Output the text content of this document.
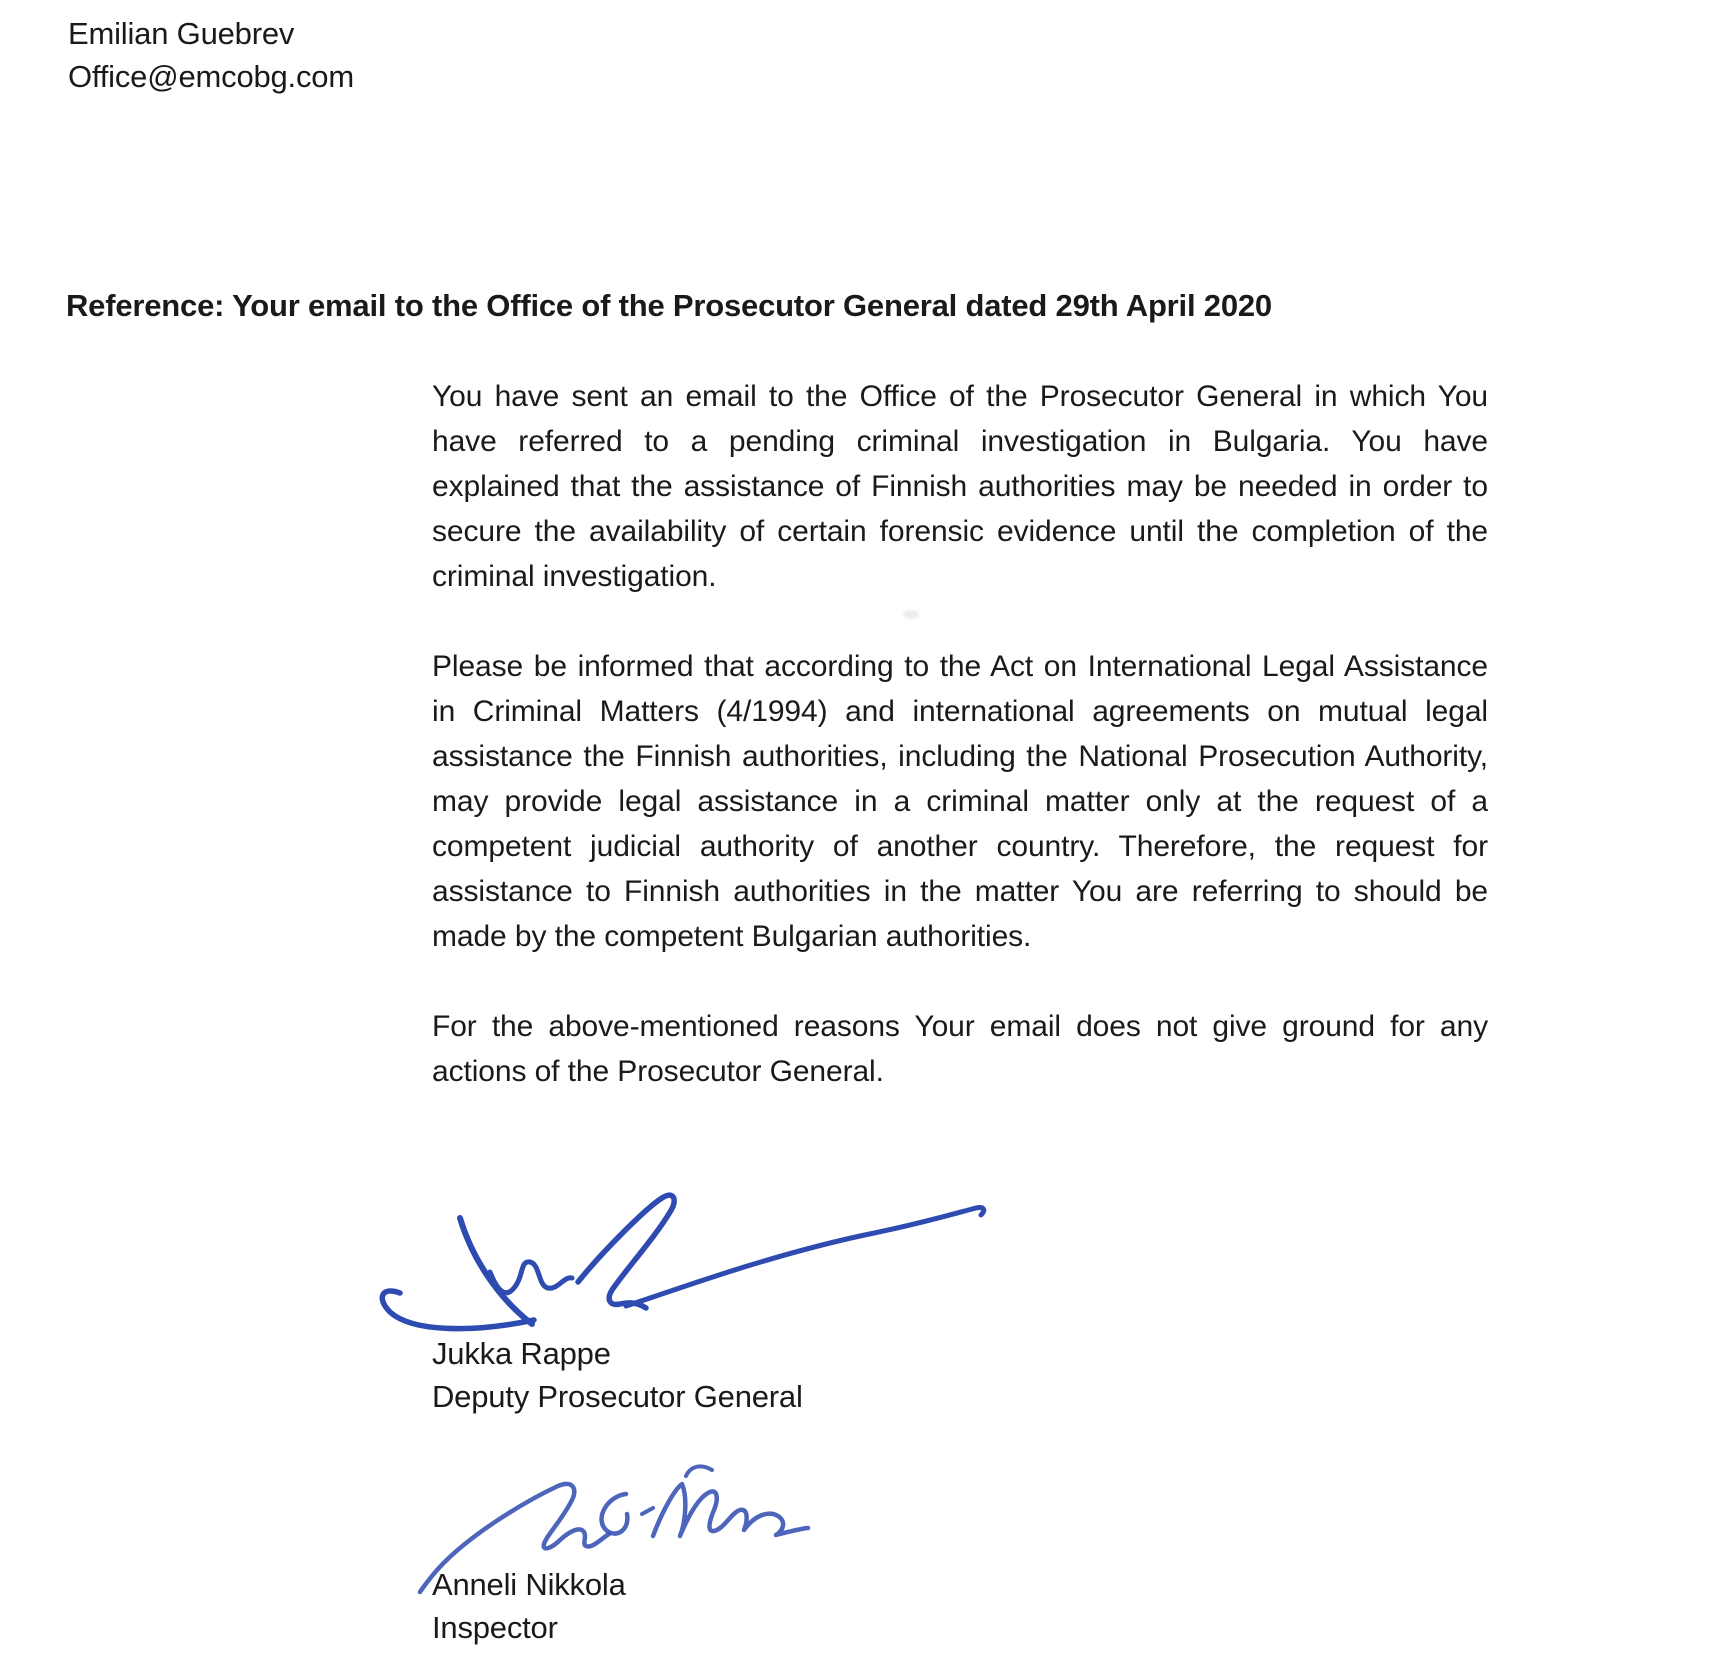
Emilian Guebrev
Office@emcobg.com
Reference: Your email to the Office of the Prosecutor General dated 29th April 2020

You have sent an email to the Office of the Prosecutor General in which You have referred to a pending criminal investigation in Bulgaria. You have explained that the assistance of Finnish authorities may be needed in order to secure the availability of certain forensic evidence until the completion of the criminal investigation.

Please be informed that according to the Act on International Legal Assistance in Criminal Matters (4/1994) and international agreements on mutual legal assistance the Finnish authorities, including the National Prosecution Authority, may provide legal assistance in a criminal matter only at the request of a competent judicial authority of another country. Therefore, the request for assistance to Finnish authorities in the matter You are referring to should be made by the competent Bulgarian authorities.

For the above-mentioned reasons Your email does not give ground for any actions of the Prosecutor General.

Jukka Rappe
Deputy Prosecutor General
Anneli Nikkola
Inspector
